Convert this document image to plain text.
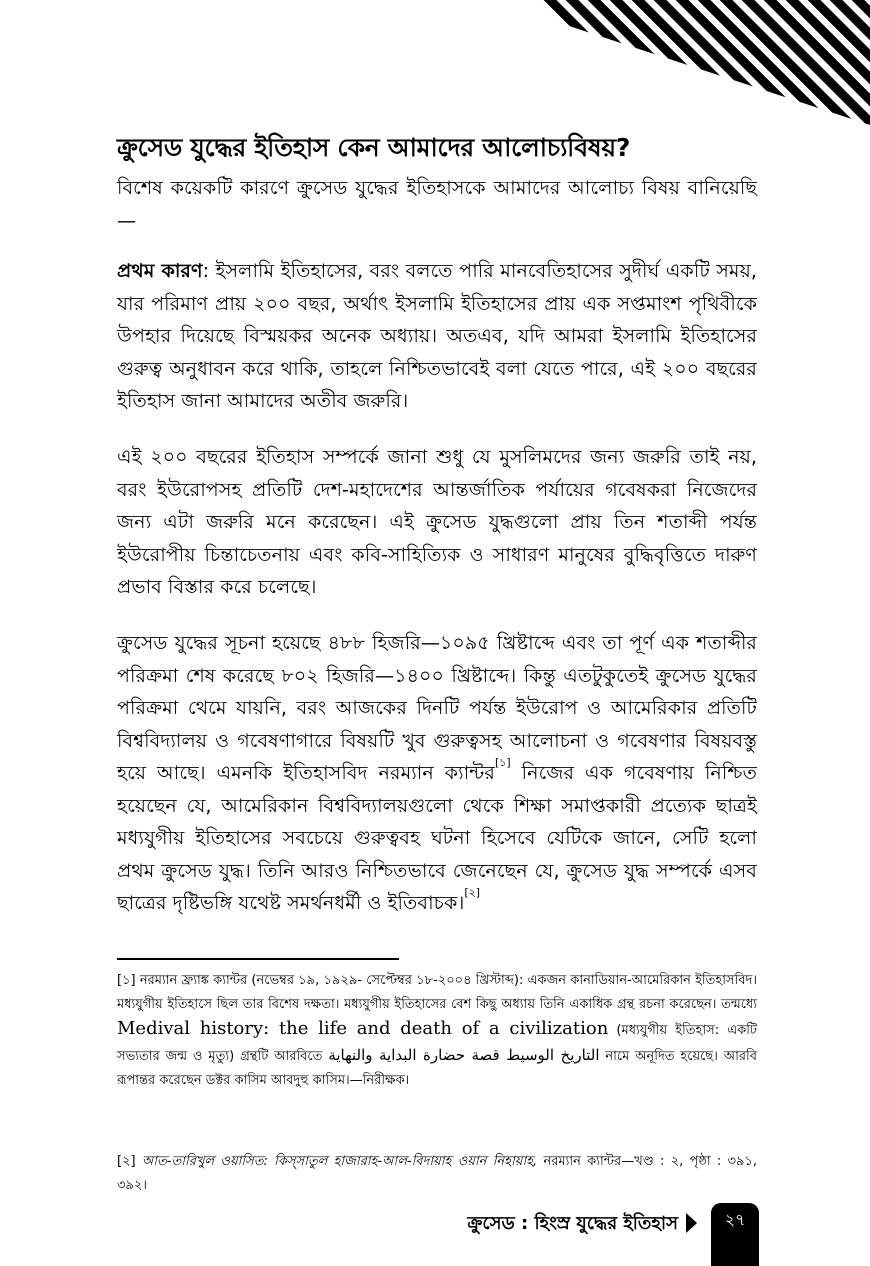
ক্রুসেড যুদ্ধের ইতিহাস কেন আমাদের আলোচ্যবিষয়?
বিশেষ কয়েকটি কারণে ক্রুসেড যুদ্ধের ইতিহাসকে আমাদের আলোচ্য বিষয় বানিয়েছি—
প্রথম কারণ: ইসলামি ইতিহাসের, বরং বলতে পারি মানবেতিহাসের সুদীর্ঘ একটি সময়, যার পরিমাণ প্রায় ২০০ বছর, অর্থাৎ ইসলামি ইতিহাসের প্রায় এক সপ্তমাংশ পৃথিবীকে উপহার দিয়েছে বিস্ময়কর অনেক অধ্যায়। অতএব, যদি আমরা ইসলামি ইতিহাসের গুরুত্ব অনুধাবন করে থাকি, তাহলে নিশ্চিতভাবেই বলা যেতে পারে, এই ২০০ বছরের ইতিহাস জানা আমাদের অতীব জরুরি।
এই ২০০ বছরের ইতিহাস সম্পর্কে জানা শুধু যে মুসলিমদের জন্য জরুরি তাই নয়, বরং ইউরোপসহ প্রতিটি দেশ-মহাদেশের আন্তর্জাতিক পর্যায়ের গবেষকরা নিজেদের জন্য এটা জরুরি মনে করেছেন। এই ক্রুসেড যুদ্ধগুলো প্রায় তিন শতাব্দী পর্যন্ত ইউরোপীয় চিন্তাচেতনায় এবং কবি-সাহিত্যিক ও সাধারণ মানুষের বুদ্ধিবৃত্তিতে দারুণ প্রভাব বিস্তার করে চলেছে।
ক্রুসেড যুদ্ধের সূচনা হয়েছে ৪৮৮ হিজরি—১০৯৫ খ্রিষ্টাব্দে এবং তা পূর্ণ এক শতাব্দীর পরিক্রমা শেষ করেছে ৮০২ হিজরি—১৪০০ খ্রিষ্টাব্দে। কিন্তু এতটুকুতেই ক্রুসেড যুদ্ধের পরিক্রমা থেমে যায়নি, বরং আজকের দিনটি পর্যন্ত ইউরোপ ও আমেরিকার প্রতিটি বিশ্ববিদ্যালয় ও গবেষণাগারে বিষয়টি খুব গুরুত্বসহ আলোচনা ও গবেষণার বিষয়বস্তু হয়ে আছে। এমনকি ইতিহাসবিদ নরম্যান ক্যান্টর[১] নিজের এক গবেষণায় নিশ্চিত হয়েছেন যে, আমেরিকান বিশ্ববিদ্যালয়গুলো থেকে শিক্ষা সমাপ্তকারী প্রত্যেক ছাত্রই মধ্যযুগীয় ইতিহাসের সবচেয়ে গুরুত্ববহ ঘটনা হিসেবে যেটিকে জানে, সেটি হলো প্রথম ক্রুসেড যুদ্ধ। তিনি আরও নিশ্চিতভাবে জেনেছেন যে, ক্রুসেড যুদ্ধ সম্পর্কে এসব ছাত্রের দৃষ্টিভঙ্গি যথেষ্ট সমর্থনধর্মী ও ইতিবাচক।[২]
[১] নরম্যান ফ্র্যাঙ্ক ক্যান্টর (নভেম্বর ১৯, ১৯২৯- সেপ্টেম্বর ১৮-২০০৪ খ্রিস্টাব্দ): একজন কানাডিয়ান-আমেরিকান ইতিহাসবিদ। মধ্যযুগীয় ইতিহাসে ছিল তার বিশেষ দক্ষতা। মধ্যযুগীয় ইতিহাসের বেশ কিছু অধ্যায় তিনি একাধিক গ্রন্থ রচনা করেছেন। তন্মধ্যে Medival history: the life and death of a civilization (মধ্যযুগীয় ইতিহাস: একটি সভ্যতার জন্ম ও মৃত্যু) গ্রন্থটি আরবিতে التاريخ الوسيط قصة حضارة البداية والنهاية নামে অনূদিত হয়েছে। আরবি রূপান্তর করেছেন ডক্টর কাসিম আবদুহু কাসিম।—নিরীক্ষক।
[২] আত-তারিখুল ওয়াসিত: কিস্‌সাতুল হাজারাহ-আল-বিদায়াহ ওয়ান নিহায়াহ, নরম্যান ক্যান্টর—খণ্ড : ২, পৃষ্ঠা : ৩৯১, ৩৯২।
ক্রুসেড : হিংস্র যুদ্ধের ইতিহাস	২৭
